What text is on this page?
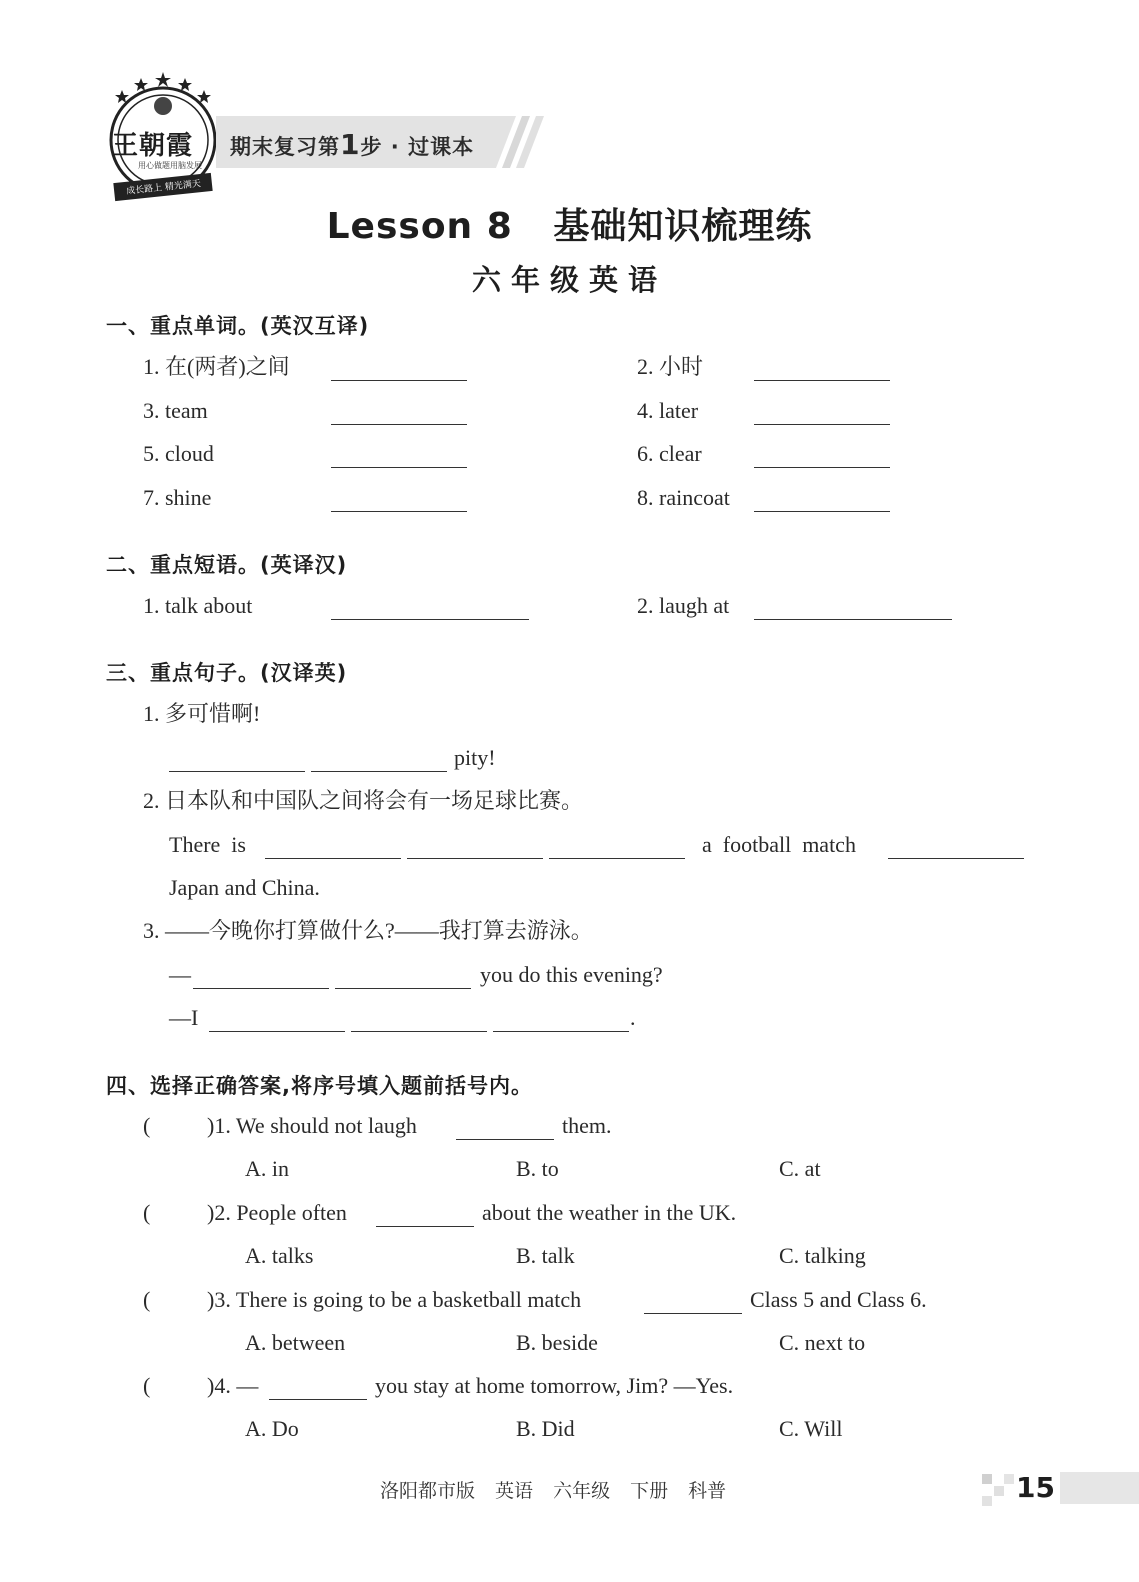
王朝霞
用心做题 用脑发展
成长路上 精光满天
期末复习第1步 · 过课本
Lesson 8   基础知识梳理练
六年级英语
一、重点单词。(英汉互译)
1. 在(两者)之间	2. 小时
3. team	4. later
5. cloud	6. clear
7. shine	8. raincoat
二、重点短语。(英译汉)
1. talk about	2. laugh at
三、重点句子。(汉译英)
1. 多可惜啊!
pity!
2. 日本队和中国队之间将会有一场足球比赛。
There  is	a  football  match
Japan and China.
3. ——今晚你打算做什么?——我打算去游泳。
—	you do this evening?
—I	.
四、选择正确答案,将序号填入题前括号内。
(	)1. We should not laugh	them.
A. in	B. to	C. at
(	)2. People often	about the weather in the UK.
A. talks	B. talk	C. talking
(	)3. There is going to be a basketball match	Class 5 and Class 6.
A. between	B. beside	C. next to
(	)4. —	you stay at home tomorrow, Jim? —Yes.
A. Do	B. Did	C. Will
洛阳都市版 英语 六年级 下册 科普	15
